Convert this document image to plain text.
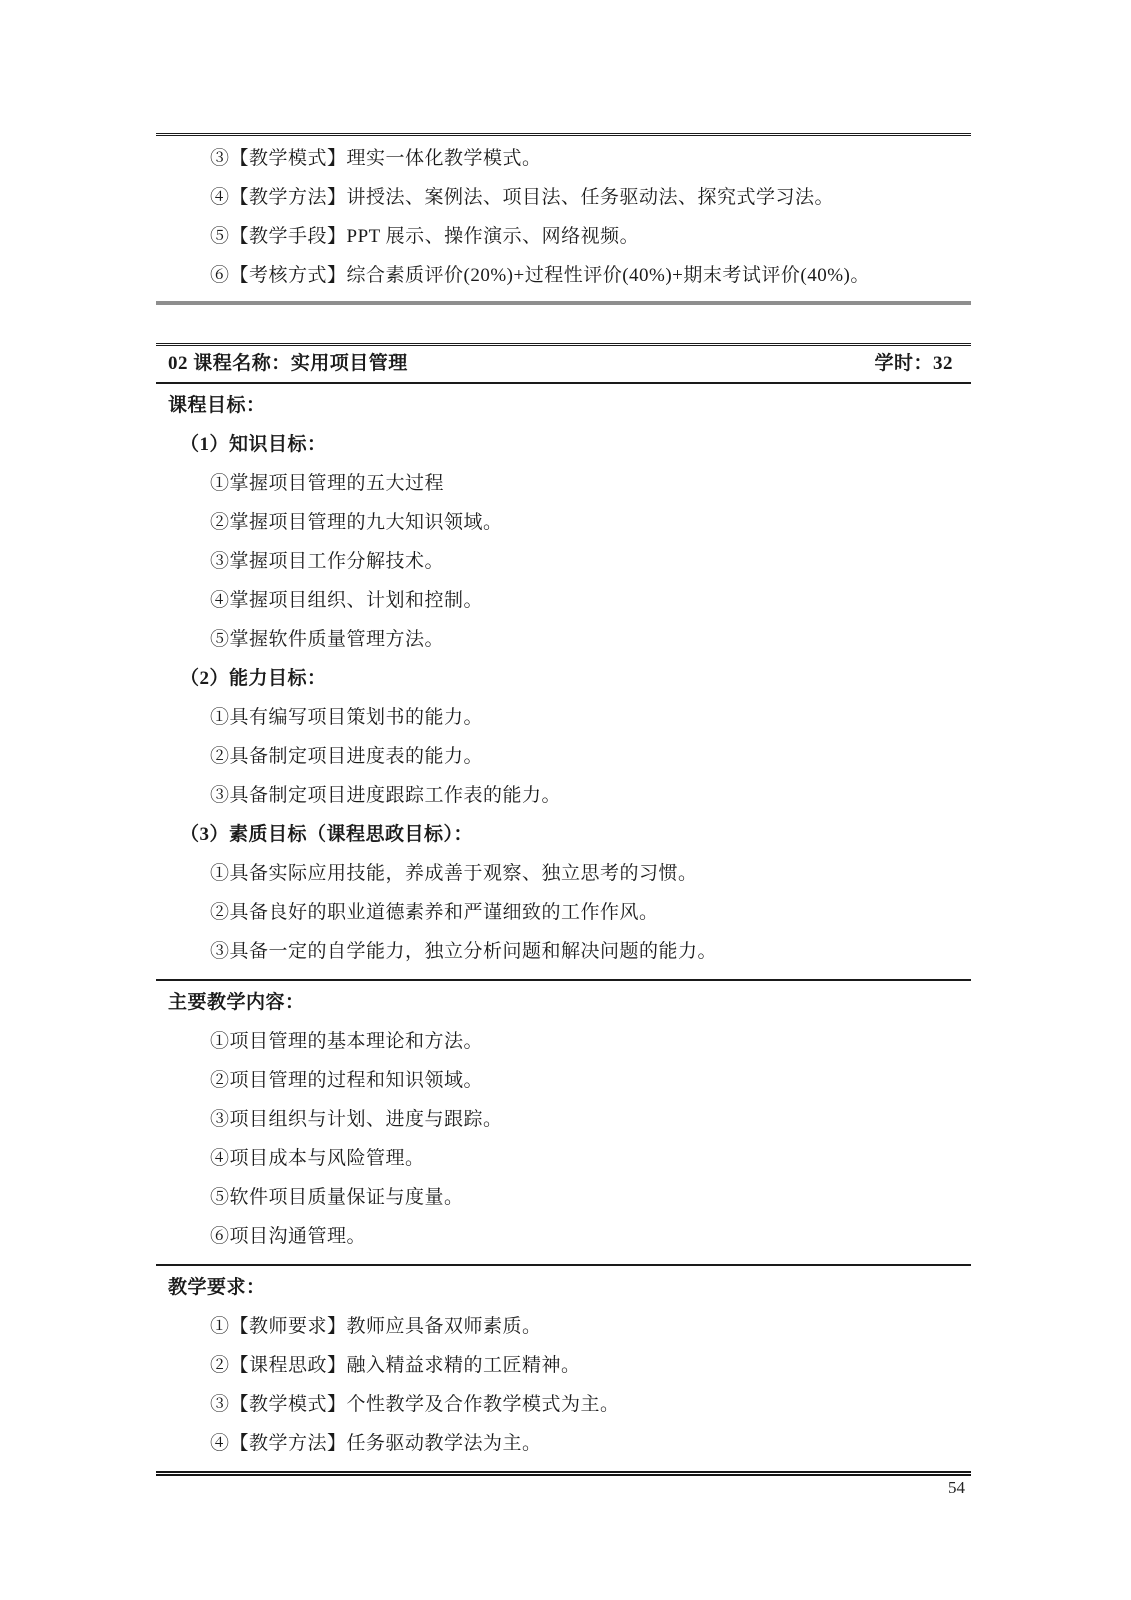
③【教学模式】理实一体化教学模式。

④【教学方法】讲授法、案例法、项目法、任务驱动法、探究式学习法。

⑤【教学手段】PPT 展示、操作演示、网络视频。

⑥【考核方式】综合素质评价(20%)+过程性评价(40%)+期末考试评价(40%)。

02 课程名称：实用项目管理	学时：32

课程目标：

（1）知识目标：

①掌握项目管理的五大过程

②掌握项目管理的九大知识领域。

③掌握项目工作分解技术。

④掌握项目组织、计划和控制。

⑤掌握软件质量管理方法。

（2）能力目标：

①具有编写项目策划书的能力。

②具备制定项目进度表的能力。

③具备制定项目进度跟踪工作表的能力。

（3）素质目标（课程思政目标）：

①具备实际应用技能，养成善于观察、独立思考的习惯。

②具备良好的职业道德素养和严谨细致的工作作风。

③具备一定的自学能力，独立分析问题和解决问题的能力。

主要教学内容：

①项目管理的基本理论和方法。

②项目管理的过程和知识领域。

③项目组织与计划、进度与跟踪。

④项目成本与风险管理。

⑤软件项目质量保证与度量。

⑥项目沟通管理。

教学要求：

①【教师要求】教师应具备双师素质。

②【课程思政】融入精益求精的工匠精神。

③【教学模式】个性教学及合作教学模式为主。

④【教学方法】任务驱动教学法为主。

54
